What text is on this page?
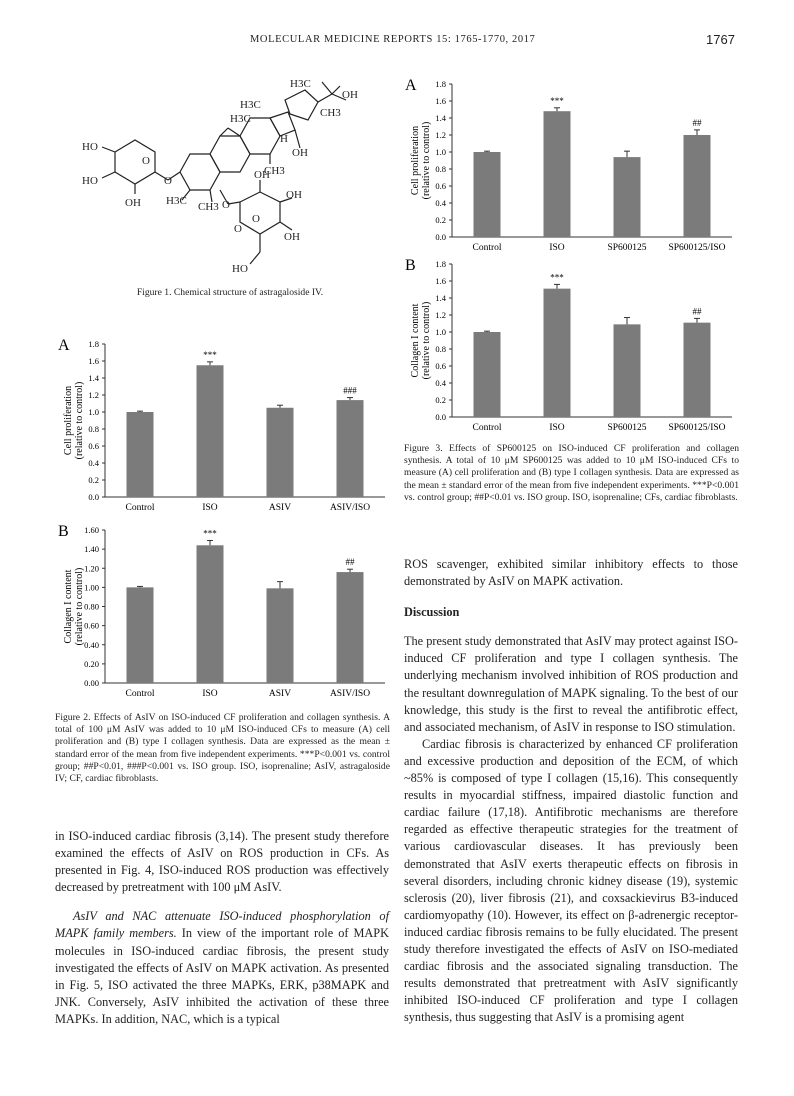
MOLECULAR MEDICINE REPORTS 15: 1765-1770, 2017	1767
H3C
OH
H3C
H3C	CH3
H
OH
CH3
HO
HO
OH
O
O
H3C CH3 O
OH
OH
O
OH
HO
O
Figure 1. Chemical structure of astragaloside IV.
A
0.0
0.2
0.4
0.6
0.8
1.0
1.2
1.4
1.6
1.8
Cell proliferation (relative to control)
Control
***
ISO	ASIV
###
ASIV/ISO
B
0.00
0.20
0.40
0.60
0.80
1.00
1.20
1.40
1.60
Collagen I content (relative to control)
Control
***
ISO	ASIV
##
ASIV/ISO
A
0.0
0.2
0.4
0.6
0.8
1.0
1.2
1.4
1.6
1.8
Cell proliferation (relative to control)
Control
***
ISO	SP600125
##
SP600125/ISO
B
0.0
0.2
0.4
0.6
0.8
1.0
1.2
1.4
1.6
1.8
Collagen I content (relative to control)
Control
***
ISO	SP600125
##
SP600125/ISO
Figure 2. Effects of AsIV on ISO-induced CF proliferation and collagen synthesis. A total of 100 μM AsIV was added to 10 μM ISO-induced CFs to measure (A) cell proliferation and (B) type I collagen synthesis. Data are expressed as the mean ± standard error of the mean from five independent experiments. ***P<0.001 vs. control group; ##P<0.01, ###P<0.001 vs. ISO group. ISO, isoprenaline; AsIV, astragaloside IV; CF, cardiac fibroblasts.
Figure 3. Effects of SP600125 on ISO-induced CF proliferation and collagen synthesis. A total of 10 μM SP600125 was added to 10 μM ISO-induced CFs to measure (A) cell proliferation and (B) type I collagen synthesis. Data are expressed as the mean ± standard error of the mean from five independent experiments. ***P<0.001 vs. control group; ##P<0.01 vs. ISO group. ISO, isoprenaline; CFs, cardiac fibroblasts.

in ISO-induced cardiac fibrosis (3,14). The present study therefore examined the effects of AsIV on ROS production in CFs. As presented in Fig. 4, ISO-induced ROS production was effectively decreased by pretreatment with 100 μM AsIV.

AsIV and NAC attenuate ISO-induced phosphorylation of MAPK family members. In view of the important role of MAPK molecules in ISO-induced cardiac fibrosis, the present study investigated the effects of AsIV on MAPK activation. As presented in Fig. 5, ISO activated the three MAPKs, ERK, p38MAPK and JNK. Conversely, AsIV inhibited the activation of these three MAPKs. In addition, NAC, which is a typical

ROS scavenger, exhibited similar inhibitory effects to those demonstrated by AsIV on MAPK activation.

Discussion

The present study demonstrated that AsIV may protect against ISO-induced CF proliferation and type I collagen synthesis. The underlying mechanism involved inhibition of ROS production and the resultant downregulation of MAPK signaling. To the best of our knowledge, this study is the first to reveal the antifibrotic effect, and associated mechanism, of AsIV in response to ISO stimulation.

Cardiac fibrosis is characterized by enhanced CF proliferation and excessive production and deposition of the ECM, of which ~85% is composed of type I collagen (15,16). This consequently results in myocardial stiffness, impaired diastolic function and cardiac failure (17,18). Antifibrotic mechanisms are therefore regarded as effective therapeutic strategies for the treatment of various cardiovascular diseases. It has previously been demonstrated that AsIV exerts therapeutic effects on fibrosis in several disorders, including chronic kidney disease (19), systemic sclerosis (20), liver fibrosis (21), and coxsackievirus B3-induced cardiomyopathy (10). However, its effect on β-adrenergic receptor-induced cardiac fibrosis remains to be fully elucidated. The present study therefore investigated the effects of AsIV on ISO-mediated cardiac fibrosis and the associated signaling transduction. The results demonstrated that pretreatment with AsIV significantly inhibited ISO-induced CF proliferation and type I collagen synthesis, thus suggesting that AsIV is a promising agent
